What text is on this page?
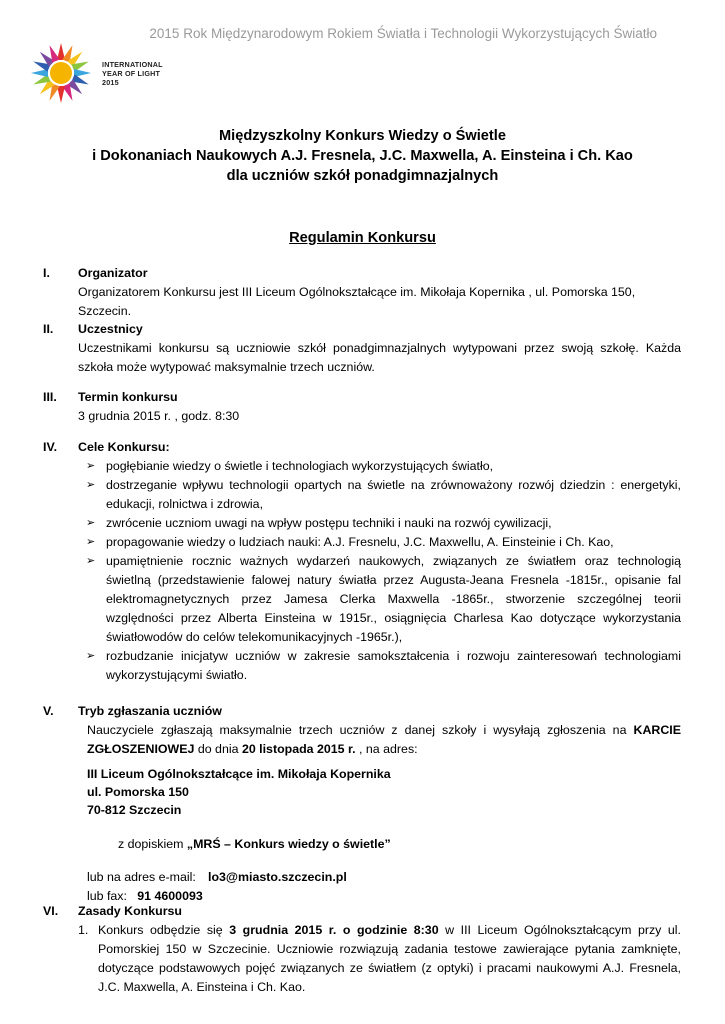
2015 Rok Międzynarodowym Rokiem Światła i Technologii Wykorzystujących Światło
INTERNATIONAL
YEAR OF LIGHT
2015
Międzyszkolny Konkurs Wiedzy o Świetle
i Dokonaniach Naukowych A.J. Fresnela, J.C. Maxwella, A. Einsteina i Ch. Kao
dla uczniów szkół ponadgimnazjalnych
Regulamin Konkursu
I. Organizator
Organizatorem Konkursu jest III Liceum Ogólnokształcące im. Mikołaja Kopernika , ul. Pomorska 150, Szczecin.
II. Uczestnicy
Uczestnikami konkursu są uczniowie szkół ponadgimnazjalnych wytypowani przez swoją szkołę. Każda szkoła może wytypować maksymalnie trzech uczniów.
III. Termin konkursu
3 grudnia 2015 r. , godz. 8:30
IV. Cele Konkursu:
➢ pogłębianie wiedzy o świetle i technologiach wykorzystujących światło,
➢ dostrzeganie wpływu technologii opartych na świetle na zrównoważony rozwój dziedzin : energetyki, edukacji, rolnictwa i zdrowia,
➢ zwrócenie uczniom uwagi na wpływ postępu techniki i nauki na rozwój cywilizacji,
➢ propagowanie wiedzy o ludziach nauki: A.J. Fresnelu, J.C. Maxwellu, A. Einsteinie i Ch. Kao,
➢ upamiętnienie rocznic ważnych wydarzeń naukowych, związanych ze światłem oraz technologią świetlną (przedstawienie falowej natury światła przez Augusta-Jeana Fresnela -1815r., opisanie fal elektromagnetycznych przez Jamesa Clerka Maxwella -1865r., stworzenie szczególnej teorii względności przez Alberta Einsteina w 1915r., osiągnięcia Charlesa Kao dotyczące wykorzystania światłowodów do celów telekomunikacyjnych -1965r.),
➢ rozbudzanie inicjatyw uczniów w zakresie samokształcenia i rozwoju zainteresowań technologiami wykorzystującymi światło.
V. Tryb zgłaszania uczniów
Nauczyciele zgłaszają maksymalnie trzech uczniów z danej szkoły i wysyłają zgłoszenia na KARCIE ZGŁOSZENIOWEJ do dnia 20 listopada 2015 r. , na adres:
III Liceum Ogólnokształcące im. Mikołaja Kopernika
ul. Pomorska 150
70-812 Szczecin
z dopiskiem „MRŚ – Konkurs wiedzy o świetle”
lub na adres e-mail: lo3@miasto.szczecin.pl
lub fax: 91 4600093
VI. Zasady Konkursu
1. Konkurs odbędzie się 3 grudnia 2015 r. o godzinie 8:30 w III Liceum Ogólnokształcącym przy ul. Pomorskiej 150 w Szczecinie. Uczniowie rozwiązują zadania testowe zawierające pytania zamknięte, dotyczące podstawowych pojęć związanych ze światłem (z optyki) i pracami naukowymi A.J. Fresnela, J.C. Maxwella, A. Einsteina i Ch. Kao.
